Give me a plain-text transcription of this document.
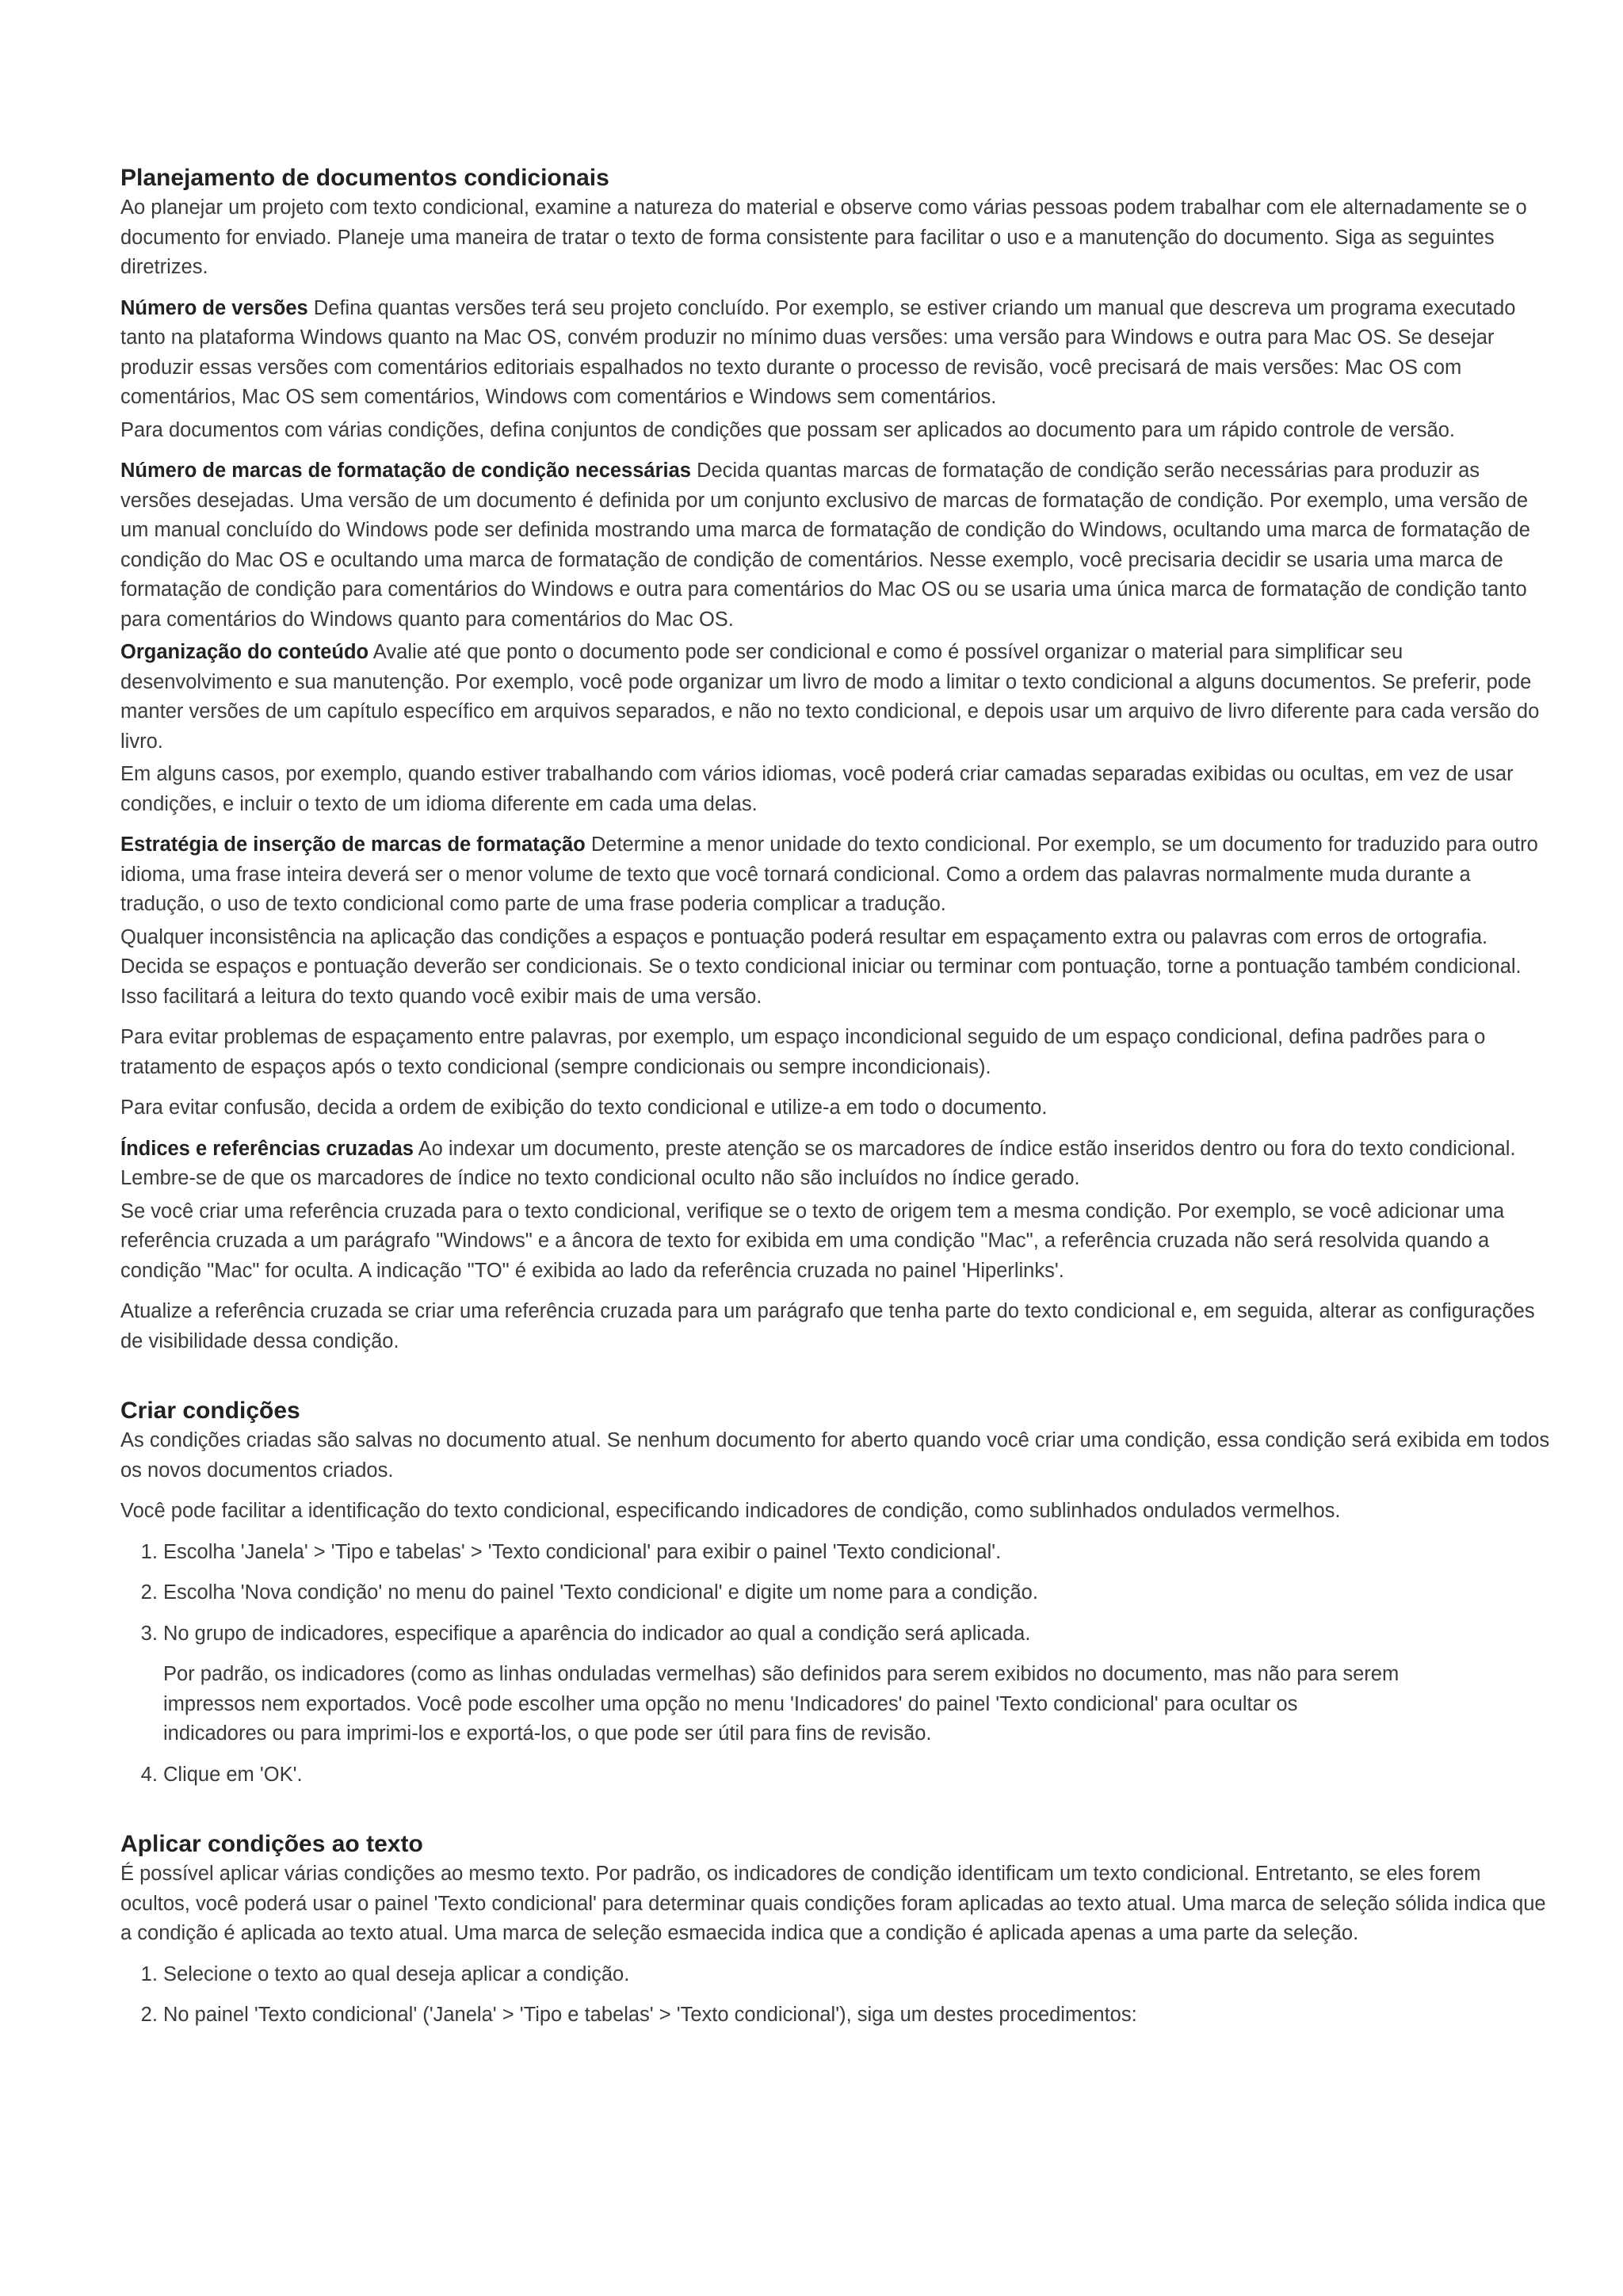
Planejamento de documentos condicionais

Ao planejar um projeto com texto condicional, examine a natureza do material e observe como várias pessoas podem trabalhar com ele alternadamente se o documento for enviado. Planeje uma maneira de tratar o texto de forma consistente para facilitar o uso e a manutenção do documento. Siga as seguintes diretrizes.

Número de versões Defina quantas versões terá seu projeto concluído. Por exemplo, se estiver criando um manual que descreva um programa executado tanto na plataforma Windows quanto na Mac OS, convém produzir no mínimo duas versões: uma versão para Windows e outra para Mac OS. Se desejar produzir essas versões com comentários editoriais espalhados no texto durante o processo de revisão, você precisará de mais versões: Mac OS com comentários, Mac OS sem comentários, Windows com comentários e Windows sem comentários.

Para documentos com várias condições, defina conjuntos de condições que possam ser aplicados ao documento para um rápido controle de versão.

Número de marcas de formatação de condição necessárias Decida quantas marcas de formatação de condição serão necessárias para produzir as versões desejadas. Uma versão de um documento é definida por um conjunto exclusivo de marcas de formatação de condição. Por exemplo, uma versão de um manual concluído do Windows pode ser definida mostrando uma marca de formatação de condição do Windows, ocultando uma marca de formatação de condição do Mac OS e ocultando uma marca de formatação de condição de comentários. Nesse exemplo, você precisaria decidir se usaria uma marca de formatação de condição para comentários do Windows e outra para comentários do Mac OS ou se usaria uma única marca de formatação de condição tanto para comentários do Windows quanto para comentários do Mac OS.

Organização do conteúdo Avalie até que ponto o documento pode ser condicional e como é possível organizar o material para simplificar seu desenvolvimento e sua manutenção. Por exemplo, você pode organizar um livro de modo a limitar o texto condicional a alguns documentos. Se preferir, pode manter versões de um capítulo específico em arquivos separados, e não no texto condicional, e depois usar um arquivo de livro diferente para cada versão do livro.

Em alguns casos, por exemplo, quando estiver trabalhando com vários idiomas, você poderá criar camadas separadas exibidas ou ocultas, em vez de usar condições, e incluir o texto de um idioma diferente em cada uma delas.

Estratégia de inserção de marcas de formatação Determine a menor unidade do texto condicional. Por exemplo, se um documento for traduzido para outro idioma, uma frase inteira deverá ser o menor volume de texto que você tornará condicional. Como a ordem das palavras normalmente muda durante a tradução, o uso de texto condicional como parte de uma frase poderia complicar a tradução.

Qualquer inconsistência na aplicação das condições a espaços e pontuação poderá resultar em espaçamento extra ou palavras com erros de ortografia. Decida se espaços e pontuação deverão ser condicionais. Se o texto condicional iniciar ou terminar com pontuação, torne a pontuação também condicional. Isso facilitará a leitura do texto quando você exibir mais de uma versão.

Para evitar problemas de espaçamento entre palavras, por exemplo, um espaço incondicional seguido de um espaço condicional, defina padrões para o tratamento de espaços após o texto condicional (sempre condicionais ou sempre incondicionais).

Para evitar confusão, decida a ordem de exibição do texto condicional e utilize-a em todo o documento.

Índices e referências cruzadas Ao indexar um documento, preste atenção se os marcadores de índice estão inseridos dentro ou fora do texto condicional. Lembre-se de que os marcadores de índice no texto condicional oculto não são incluídos no índice gerado.

Se você criar uma referência cruzada para o texto condicional, verifique se o texto de origem tem a mesma condição. Por exemplo, se você adicionar uma referência cruzada a um parágrafo "Windows" e a âncora de texto for exibida em uma condição "Mac", a referência cruzada não será resolvida quando a condição "Mac" for oculta. A indicação "TO" é exibida ao lado da referência cruzada no painel 'Hiperlinks'.

Atualize a referência cruzada se criar uma referência cruzada para um parágrafo que tenha parte do texto condicional e, em seguida, alterar as configurações de visibilidade dessa condição.

Criar condições

As condições criadas são salvas no documento atual. Se nenhum documento for aberto quando você criar uma condição, essa condição será exibida em todos os novos documentos criados.

Você pode facilitar a identificação do texto condicional, especificando indicadores de condição, como sublinhados ondulados vermelhos.

1. Escolha 'Janela' > 'Tipo e tabelas' > 'Texto condicional' para exibir o painel 'Texto condicional'.
2. Escolha 'Nova condição' no menu do painel 'Texto condicional' e digite um nome para a condição.
3. No grupo de indicadores, especifique a aparência do indicador ao qual a condição será aplicada.

Por padrão, os indicadores (como as linhas onduladas vermelhas) são definidos para serem exibidos no documento, mas não para serem impressos nem exportados. Você pode escolher uma opção no menu 'Indicadores' do painel 'Texto condicional' para ocultar os indicadores ou para imprimi-los e exportá-los, o que pode ser útil para fins de revisão.

4. Clique em 'OK'.
Aplicar condições ao texto

É possível aplicar várias condições ao mesmo texto. Por padrão, os indicadores de condição identificam um texto condicional. Entretanto, se eles forem ocultos, você poderá usar o painel 'Texto condicional' para determinar quais condições foram aplicadas ao texto atual. Uma marca de seleção sólida indica que a condição é aplicada ao texto atual. Uma marca de seleção esmaecida indica que a condição é aplicada apenas a uma parte da seleção.

1. Selecione o texto ao qual deseja aplicar a condição.
2. No painel 'Texto condicional' ('Janela' > 'Tipo e tabelas' > 'Texto condicional'), siga um destes procedimentos:
